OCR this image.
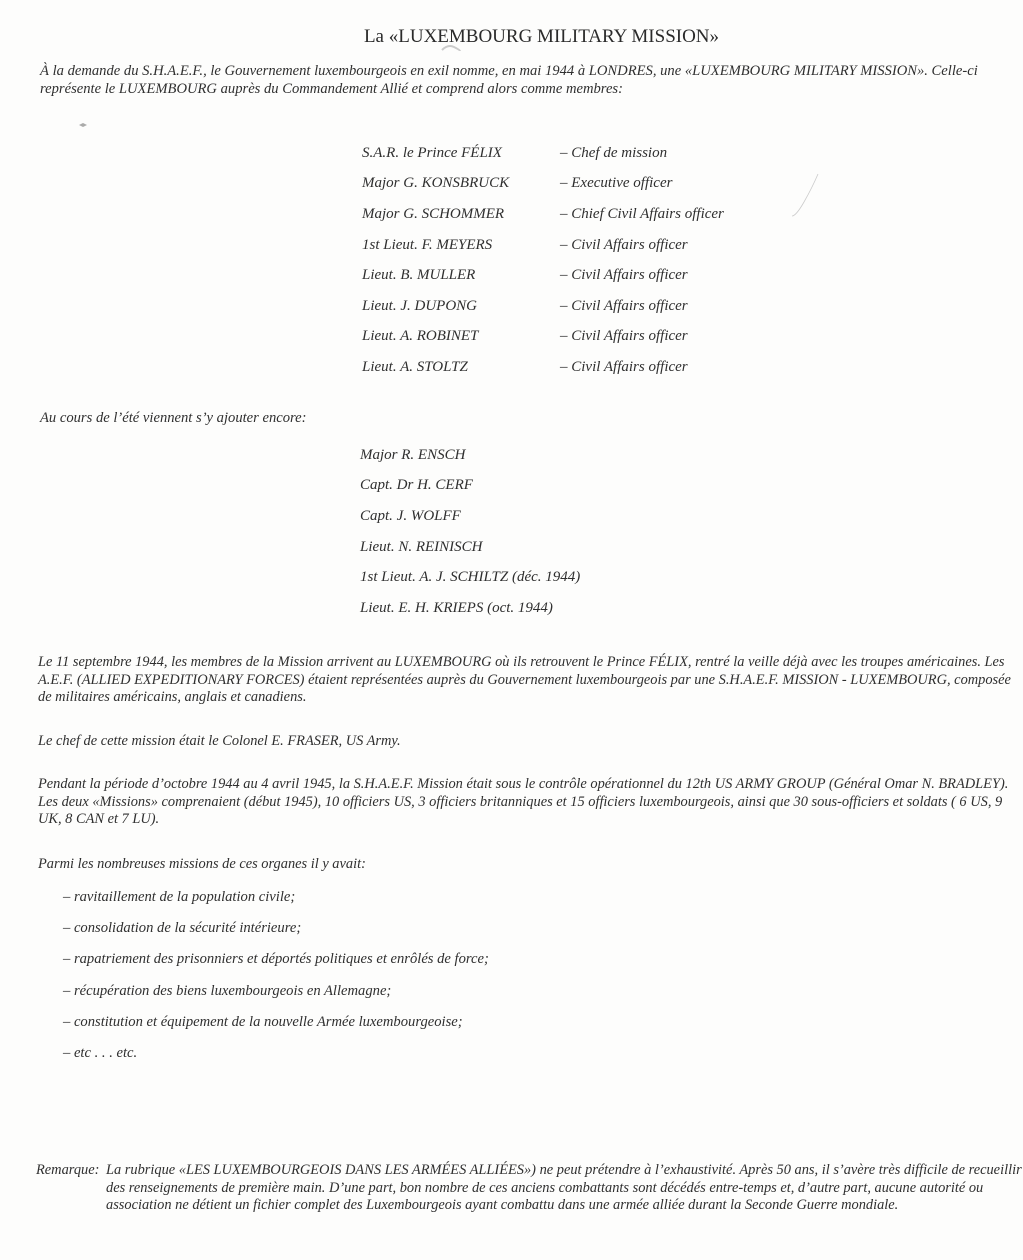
La «LUXEMBOURG MILITARY MISSION»
À la demande du S.H.A.E.F., le Gouvernement luxembourgeois en exil nomme, en mai 1944 à LONDRES, une «LUXEMBOURG MILITARY MISSION». Celle-ci représente le LUXEMBOURG auprès du Commandement Allié et comprend alors comme membres:
S.A.R. le Prince FÉLIX	– Chef de mission
Major G. KONSBRUCK	– Executive officer
Major G. SCHOMMER	– Chief Civil Affairs officer
1st Lieut. F. MEYERS	– Civil Affairs officer
Lieut. B. MULLER	– Civil Affairs officer
Lieut. J. DUPONG	– Civil Affairs officer
Lieut. A. ROBINET	– Civil Affairs officer
Lieut. A. STOLTZ	– Civil Affairs officer
Au cours de l’été viennent s’y ajouter encore:
Major R. ENSCH
Capt. Dr H. CERF
Capt. J. WOLFF
Lieut. N. REINISCH
1st Lieut. A. J. SCHILTZ (déc. 1944)
Lieut. E. H. KRIEPS (oct. 1944)
Le 11 septembre 1944, les membres de la Mission arrivent au LUXEMBOURG où ils retrouvent le Prince FÉLIX, rentré la veille déjà avec les troupes américaines. Les A.E.F. (ALLIED EXPEDITIONARY FORCES) étaient représentées auprès du Gouvernement luxembourgeois par une S.H.A.E.F. MISSION - LUXEMBOURG, composée de militaires américains, anglais et canadiens.
Le chef de cette mission était le Colonel E. FRASER, US Army.
Pendant la période d’octobre 1944 au 4 avril 1945, la S.H.A.E.F. Mission était sous le contrôle opérationnel du 12th US ARMY GROUP (Général Omar N. BRADLEY). Les deux «Missions» comprenaient (début 1945), 10 officiers US, 3 officiers britanniques et 15 officiers luxembourgeois, ainsi que 30 sous-officiers et soldats ( 6 US, 9 UK, 8 CAN et 7 LU).
Parmi les nombreuses missions de ces organes il y avait:
– ravitaillement de la population civile;
– consolidation de la sécurité intérieure;
– rapatriement des prisonniers et déportés politiques et enrôlés de force;
– récupération des biens luxembourgeois en Allemagne;
– constitution et équipement de la nouvelle Armée luxembourgeoise;
– etc . . . etc.
Remarque: La rubrique «LES LUXEMBOURGEOIS DANS LES ARMÉES ALLIÉES») ne peut prétendre à l’exhaustivité. Après 50 ans, il s’avère très difficile de recueillir des renseignements de première main. D’une part, bon nombre de ces anciens combattants sont décédés entre-temps et, d’autre part, aucune autorité ou association ne détient un fichier complet des Luxembourgeois ayant combattu dans une armée alliée durant la Seconde Guerre mondiale.
